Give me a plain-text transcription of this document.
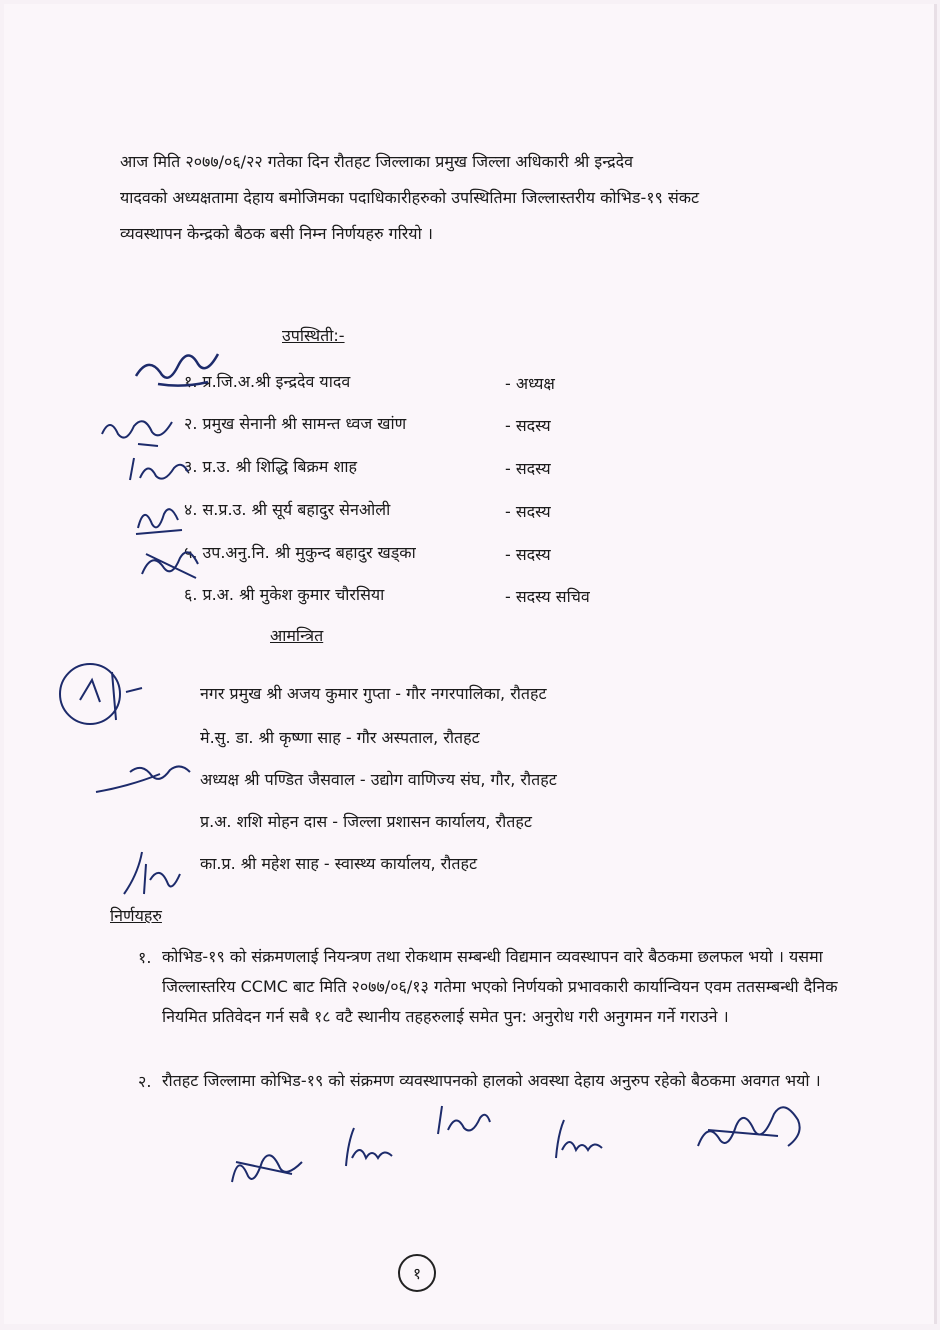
आज मिति २०७७/०६/२२ गतेका दिन रौतहट जिल्लाका प्रमुख जिल्ला अधिकारी श्री इन्द्रदेव
यादवको अध्यक्षतामा देहाय बमोजिमका पदाधिकारीहरुको उपस्थितिमा जिल्लास्तरीय कोभिड-१९ संकट
व्यवस्थापन केन्द्रको बैठक बसी निम्न निर्णयहरु गरियो ।
उपस्थिती:-
१. प्र.जि.अ.श्री इन्द्रदेव यादव	- अध्यक्ष
२. प्रमुख सेनानी श्री सामन्त ध्वज खांण	- सदस्य
३. प्र.उ. श्री शिद्धि बिक्रम शाह	- सदस्य
४. स.प्र.उ. श्री सूर्य बहादुर सेनओली	- सदस्य
५. उप.अनु.नि. श्री मुकुन्द बहादुर खड्का	- सदस्य
६. प्र.अ. श्री मुकेश कुमार चौरसिया	- सदस्य सचिव
आमन्त्रित
नगर प्रमुख श्री अजय कुमार गुप्ता - गौर नगरपालिका, रौतहट
मे.सु. डा. श्री कृष्णा साह - गौर अस्पताल, रौतहट
अध्यक्ष श्री पण्डित जैसवाल - उद्योग वाणिज्य संघ, गौर, रौतहट
प्र.अ. शशि मोहन दास - जिल्ला प्रशासन कार्यालय, रौतहट
का.प्र. श्री महेश साह - स्वास्थ्य कार्यालय, रौतहट
निर्णयहरु
१. कोभिड-१९ को संक्रमणलाई नियन्त्रण तथा रोकथाम सम्बन्धी विद्यमान व्यवस्थापन वारे बैठकमा छलफल भयो । यसमा जिल्लास्तरिय CCMC बाट मिति २०७७/०६/१३ गतेमा भएको निर्णयको प्रभावकारी कार्यान्वियन एवम ततसम्बन्धी दैनिक नियमित प्रतिवेदन गर्न सबै १८ वटै स्थानीय तहहरुलाई समेत पुन: अनुरोध गरी अनुगमन गर्ने गराउने ।
२. रौतहट जिल्लामा कोभिड-१९ को संक्रमण व्यवस्थापनको हालको अवस्था देहाय अनुरुप रहेको बैठकमा अवगत भयो ।
१
